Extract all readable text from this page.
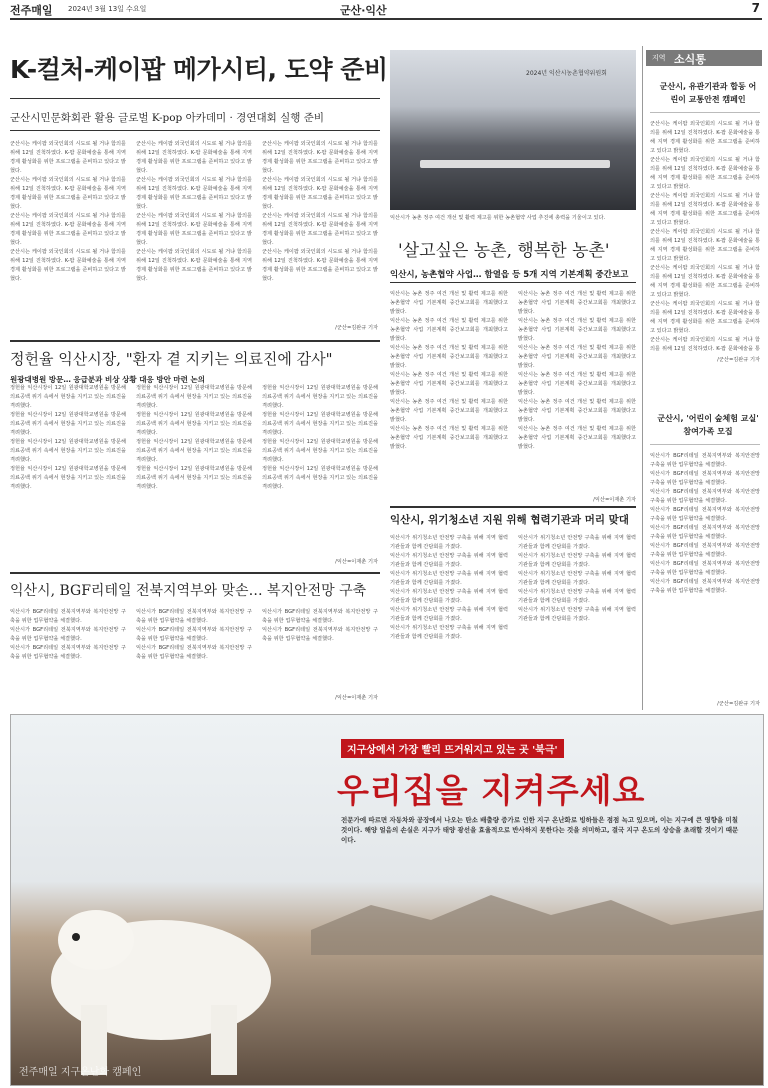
전주매일 2024년 3월 13일 수요일	군산·익산	7
K-컬처-케이팝 메가시티, 도약 준비
군산시민문화회관 활용 글로벌 K-pop 아카데미 · 경연대회 실행 준비

군산시는 케이팝 외국인회의 시도로 될 거냐 함의를 위해 12일 진척하였다. K-팝 문화예술을 통해 지역 경제 활성화를 위한 프로그램을 준비하고 있다고 밝혔다.

군산시는 케이팝 외국인회의 시도로 될 거냐 함의를 위해 12일 진척하였다. K-팝 문화예술을 통해 지역 경제 활성화를 위한 프로그램을 준비하고 있다고 밝혔다.

군산시는 케이팝 외국인회의 시도로 될 거냐 함의를 위해 12일 진척하였다. K-팝 문화예술을 통해 지역 경제 활성화를 위한 프로그램을 준비하고 있다고 밝혔다.

군산시는 케이팝 외국인회의 시도로 될 거냐 함의를 위해 12일 진척하였다. K-팝 문화예술을 통해 지역 경제 활성화를 위한 프로그램을 준비하고 있다고 밝혔다.

군산시는 케이팝 외국인회의 시도로 될 거냐 함의를 위해 12일 진척하였다. K-팝 문화예술을 통해 지역 경제 활성화를 위한 프로그램을 준비하고 있다고 밝혔다.

군산시는 케이팝 외국인회의 시도로 될 거냐 함의를 위해 12일 진척하였다. K-팝 문화예술을 통해 지역 경제 활성화를 위한 프로그램을 준비하고 있다고 밝혔다.

군산시는 케이팝 외국인회의 시도로 될 거냐 함의를 위해 12일 진척하였다. K-팝 문화예술을 통해 지역 경제 활성화를 위한 프로그램을 준비하고 있다고 밝혔다.

군산시는 케이팝 외국인회의 시도로 될 거냐 함의를 위해 12일 진척하였다. K-팝 문화예술을 통해 지역 경제 활성화를 위한 프로그램을 준비하고 있다고 밝혔다.

군산시는 케이팝 외국인회의 시도로 될 거냐 함의를 위해 12일 진척하였다. K-팝 문화예술을 통해 지역 경제 활성화를 위한 프로그램을 준비하고 있다고 밝혔다.

군산시는 케이팝 외국인회의 시도로 될 거냐 함의를 위해 12일 진척하였다. K-팝 문화예술을 통해 지역 경제 활성화를 위한 프로그램을 준비하고 있다고 밝혔다.

군산시는 케이팝 외국인회의 시도로 될 거냐 함의를 위해 12일 진척하였다. K-팝 문화예술을 통해 지역 경제 활성화를 위한 프로그램을 준비하고 있다고 밝혔다.

군산시는 케이팝 외국인회의 시도로 될 거냐 함의를 위해 12일 진척하였다. K-팝 문화예술을 통해 지역 경제 활성화를 위한 프로그램을 준비하고 있다고 밝혔다.

/군산=김완규 기자
2024년 익산시농촌협약위원회
익산시가 농촌 정주 여건 개선 및 활력 제고를 위한 농촌협약 사업 추진에 총력을 기울이고 있다.
'살고싶은 농촌, 행복한 농촌'
익산시, 농촌협약 사업… 함열읍 등 5개 지역 기본계획 중간보고

익산시는 농촌 정주 여건 개선 및 활력 제고를 위한 농촌협약 사업 기본계획 중간보고회를 개최했다고 밝혔다.

익산시는 농촌 정주 여건 개선 및 활력 제고를 위한 농촌협약 사업 기본계획 중간보고회를 개최했다고 밝혔다.

익산시는 농촌 정주 여건 개선 및 활력 제고를 위한 농촌협약 사업 기본계획 중간보고회를 개최했다고 밝혔다.

익산시는 농촌 정주 여건 개선 및 활력 제고를 위한 농촌협약 사업 기본계획 중간보고회를 개최했다고 밝혔다.

익산시는 농촌 정주 여건 개선 및 활력 제고를 위한 농촌협약 사업 기본계획 중간보고회를 개최했다고 밝혔다.

익산시는 농촌 정주 여건 개선 및 활력 제고를 위한 농촌협약 사업 기본계획 중간보고회를 개최했다고 밝혔다.

익산시는 농촌 정주 여건 개선 및 활력 제고를 위한 농촌협약 사업 기본계획 중간보고회를 개최했다고 밝혔다.

익산시는 농촌 정주 여건 개선 및 활력 제고를 위한 농촌협약 사업 기본계획 중간보고회를 개최했다고 밝혔다.

익산시는 농촌 정주 여건 개선 및 활력 제고를 위한 농촌협약 사업 기본계획 중간보고회를 개최했다고 밝혔다.

익산시는 농촌 정주 여건 개선 및 활력 제고를 위한 농촌협약 사업 기본계획 중간보고회를 개최했다고 밝혔다.

익산시는 농촌 정주 여건 개선 및 활력 제고를 위한 농촌협약 사업 기본계획 중간보고회를 개최했다고 밝혔다.

익산시는 농촌 정주 여건 개선 및 활력 제고를 위한 농촌협약 사업 기본계획 중간보고회를 개최했다고 밝혔다.

/익산=이재춘 기자
정헌율 익산시장, "환자 곁 지키는 의료진에 감사"
원광대병원 방문… 응급분과 비상 상황 대응 방안 마련 논의

정헌율 익산시장이 12일 원광대학교병원을 방문해 의료공백 위기 속에서 현장을 지키고 있는 의료진을 격려했다.

정헌율 익산시장이 12일 원광대학교병원을 방문해 의료공백 위기 속에서 현장을 지키고 있는 의료진을 격려했다.

정헌율 익산시장이 12일 원광대학교병원을 방문해 의료공백 위기 속에서 현장을 지키고 있는 의료진을 격려했다.

정헌율 익산시장이 12일 원광대학교병원을 방문해 의료공백 위기 속에서 현장을 지키고 있는 의료진을 격려했다.

정헌율 익산시장이 12일 원광대학교병원을 방문해 의료공백 위기 속에서 현장을 지키고 있는 의료진을 격려했다.

정헌율 익산시장이 12일 원광대학교병원을 방문해 의료공백 위기 속에서 현장을 지키고 있는 의료진을 격려했다.

정헌율 익산시장이 12일 원광대학교병원을 방문해 의료공백 위기 속에서 현장을 지키고 있는 의료진을 격려했다.

정헌율 익산시장이 12일 원광대학교병원을 방문해 의료공백 위기 속에서 현장을 지키고 있는 의료진을 격려했다.

정헌율 익산시장이 12일 원광대학교병원을 방문해 의료공백 위기 속에서 현장을 지키고 있는 의료진을 격려했다.

정헌율 익산시장이 12일 원광대학교병원을 방문해 의료공백 위기 속에서 현장을 지키고 있는 의료진을 격려했다.

정헌율 익산시장이 12일 원광대학교병원을 방문해 의료공백 위기 속에서 현장을 지키고 있는 의료진을 격려했다.

정헌율 익산시장이 12일 원광대학교병원을 방문해 의료공백 위기 속에서 현장을 지키고 있는 의료진을 격려했다.

/익산=이재춘 기자
익산시, 위기청소년 지원 위해 협력기관과 머리 맞대

익산시가 위기청소년 안전망 구축을 위해 지역 협력기관들과 함께 간담회를 가졌다.

익산시가 위기청소년 안전망 구축을 위해 지역 협력기관들과 함께 간담회를 가졌다.

익산시가 위기청소년 안전망 구축을 위해 지역 협력기관들과 함께 간담회를 가졌다.

익산시가 위기청소년 안전망 구축을 위해 지역 협력기관들과 함께 간담회를 가졌다.

익산시가 위기청소년 안전망 구축을 위해 지역 협력기관들과 함께 간담회를 가졌다.

익산시가 위기청소년 안전망 구축을 위해 지역 협력기관들과 함께 간담회를 가졌다.

익산시가 위기청소년 안전망 구축을 위해 지역 협력기관들과 함께 간담회를 가졌다.

익산시가 위기청소년 안전망 구축을 위해 지역 협력기관들과 함께 간담회를 가졌다.

익산시가 위기청소년 안전망 구축을 위해 지역 협력기관들과 함께 간담회를 가졌다.

익산시가 위기청소년 안전망 구축을 위해 지역 협력기관들과 함께 간담회를 가졌다.

익산시가 위기청소년 안전망 구축을 위해 지역 협력기관들과 함께 간담회를 가졌다.

익산시, BGF리테일 전북지역부와 맞손… 복지안전망 구축

익산시가 BGF리테일 전북지역부와 복지안전망 구축을 위한 업무협약을 체결했다.

익산시가 BGF리테일 전북지역부와 복지안전망 구축을 위한 업무협약을 체결했다.

익산시가 BGF리테일 전북지역부와 복지안전망 구축을 위한 업무협약을 체결했다.

익산시가 BGF리테일 전북지역부와 복지안전망 구축을 위한 업무협약을 체결했다.

익산시가 BGF리테일 전북지역부와 복지안전망 구축을 위한 업무협약을 체결했다.

익산시가 BGF리테일 전북지역부와 복지안전망 구축을 위한 업무협약을 체결했다.

익산시가 BGF리테일 전북지역부와 복지안전망 구축을 위한 업무협약을 체결했다.

익산시가 BGF리테일 전북지역부와 복지안전망 구축을 위한 업무협약을 체결했다.

/익산=이재춘 기자
지역 소식통
군산시, 유관기관과 합동 어린이 교통안전 캠페인

군산시는 케이팝 외국인회의 시도로 될 거냐 함의를 위해 12일 진척하였다. K-팝 문화예술을 통해 지역 경제 활성화를 위한 프로그램을 준비하고 있다고 밝혔다.

군산시는 케이팝 외국인회의 시도로 될 거냐 함의를 위해 12일 진척하였다. K-팝 문화예술을 통해 지역 경제 활성화를 위한 프로그램을 준비하고 있다고 밝혔다.

군산시는 케이팝 외국인회의 시도로 될 거냐 함의를 위해 12일 진척하였다. K-팝 문화예술을 통해 지역 경제 활성화를 위한 프로그램을 준비하고 있다고 밝혔다.

군산시는 케이팝 외국인회의 시도로 될 거냐 함의를 위해 12일 진척하였다. K-팝 문화예술을 통해 지역 경제 활성화를 위한 프로그램을 준비하고 있다고 밝혔다.

군산시는 케이팝 외국인회의 시도로 될 거냐 함의를 위해 12일 진척하였다. K-팝 문화예술을 통해 지역 경제 활성화를 위한 프로그램을 준비하고 있다고 밝혔다.

군산시는 케이팝 외국인회의 시도로 될 거냐 함의를 위해 12일 진척하였다. K-팝 문화예술을 통해 지역 경제 활성화를 위한 프로그램을 준비하고 있다고 밝혔다.

군산시는 케이팝 외국인회의 시도로 될 거냐 함의를 위해 12일 진척하였다. K-팝 문화예술을 통

/군산=김완규 기자
군산시, '어린이 숲체험 교실' 참여가족 모집

익산시가 BGF리테일 전북지역부와 복지안전망 구축을 위한 업무협약을 체결했다.

익산시가 BGF리테일 전북지역부와 복지안전망 구축을 위한 업무협약을 체결했다.

익산시가 BGF리테일 전북지역부와 복지안전망 구축을 위한 업무협약을 체결했다.

익산시가 BGF리테일 전북지역부와 복지안전망 구축을 위한 업무협약을 체결했다.

익산시가 BGF리테일 전북지역부와 복지안전망 구축을 위한 업무협약을 체결했다.

익산시가 BGF리테일 전북지역부와 복지안전망 구축을 위한 업무협약을 체결했다.

익산시가 BGF리테일 전북지역부와 복지안전망 구축을 위한 업무협약을 체결했다.

익산시가 BGF리테일 전북지역부와 복지안전망 구축을 위한 업무협약을 체결했다.

/군산=김완규 기자
지구상에서 가장 빨리 뜨거워지고 있는 곳 '북극'
우리집을 지켜주세요
전문가에 따르면 자동차와 공장에서 나오는 탄소 배출량 증가로 인한 지구 온난화로 빙하들은 점점 녹고 있으며, 이는 지구에 큰 영향을 미칠 것이다. 해양 얼음의 손실은 지구가 태양 광선을 효율적으로 반사하지 못한다는 것을 의미하고, 결국 지구 온도의 상승을 초래할 것이기 때문이다.
전주매일 지구온난화 캠페인
